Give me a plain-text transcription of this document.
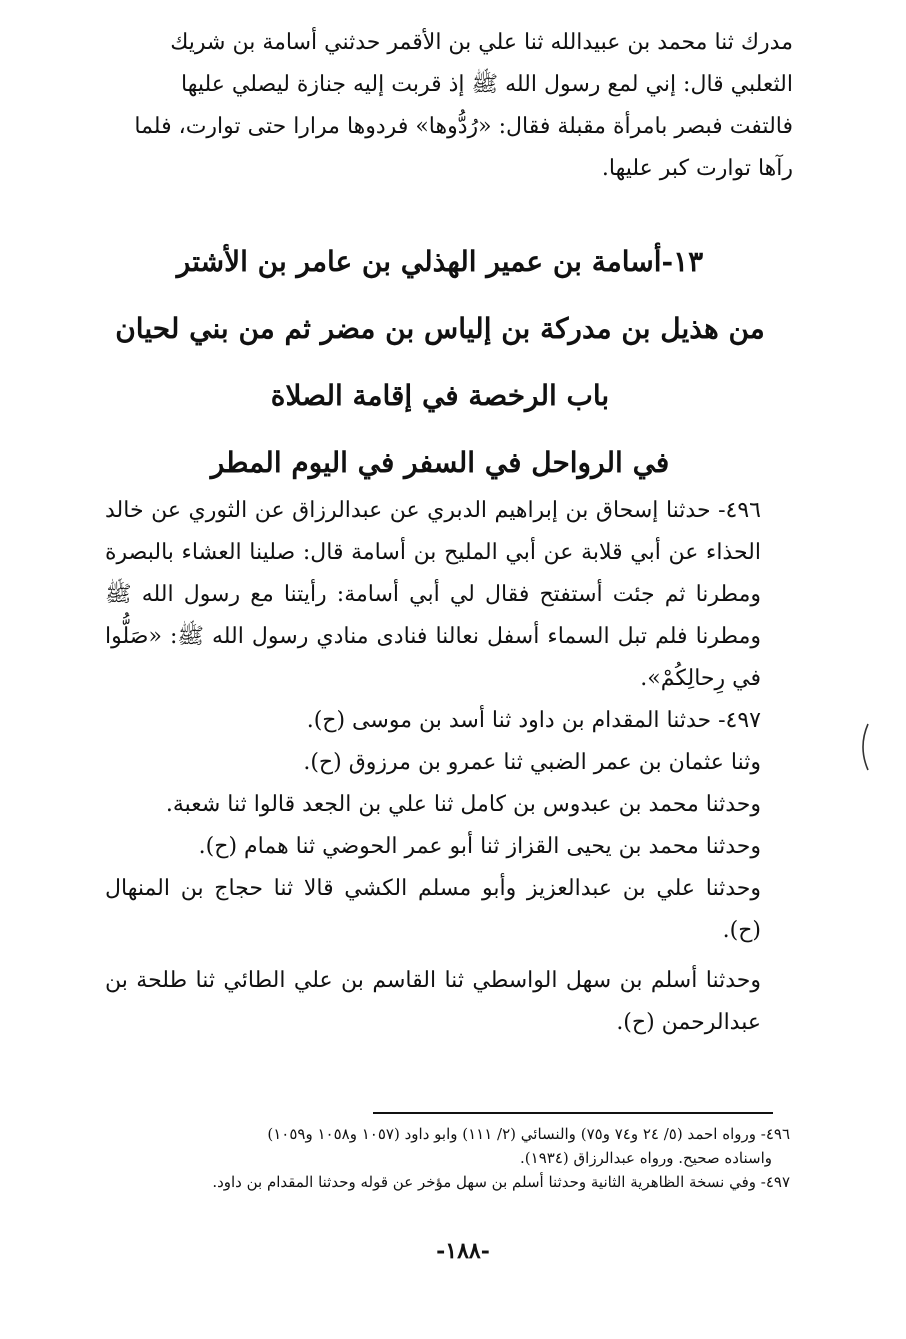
مدرك ثنا محمد بن عبيدالله ثنا علي بن الأقمر حدثني أسامة بن شريك

الثعلبي قال: إني لمع رسول الله ﷺ إذ قربت إليه جنازة ليصلي عليها

فالتفت فبصر بامرأة مقبلة فقال: «رُدُّوها» فردوها مرارا حتى توارت، فلما

رآها توارت كبر عليها.

١٣-أسامة بن عمير الهذلي بن عامر بن الأشتر
من هذيل بن مدركة بن إلياس بن مضر ثم من بني لحيان
باب الرخصة في إقامة الصلاة
في الرواحل في السفر في اليوم المطر

٤٩٦- حدثنا إسحاق بن إبراهيم الدبري عن عبدالرزاق عن الثوري عن خالد الحذاء عن أبي قلابة عن أبي المليح بن أسامة قال: صلينا العشاء بالبصرة ومطرنا ثم جئت أستفتح فقال لي أبي أسامة: رأيتنا مع رسول الله ﷺ ومطرنا فلم تبل السماء أسفل نعالنا فنادى منادي رسول الله ﷺ: «صَلُّوا في رِحالِكُمْ».

٤٩٧- حدثنا المقدام بن داود ثنا أسد بن موسى (ح).

وثنا عثمان بن عمر الضبي ثنا عمرو بن مرزوق (ح).

وحدثنا محمد بن عبدوس بن كامل ثنا علي بن الجعد قالوا ثنا شعبة.

وحدثنا محمد بن يحيى القزاز ثنا أبو عمر الحوضي ثنا همام (ح).

وحدثنا علي بن عبدالعزيز وأبو مسلم الكشي قالا ثنا حجاج بن المنهال (ح).

وحدثنا أسلم بن سهل الواسطي ثنا القاسم بن علي الطائي ثنا طلحة بن عبدالرحمن (ح).

٤٩٦- ورواه احمد (٥/ ٢٤ و٧٤ و٧٥) والنسائي (٢/ ١١١) وابو داود (١٠٥٧ و١٠٥٨ و١٠٥٩)

واسناده صحيح. ورواه عبدالرزاق (١٩٣٤).

٤٩٧- وفي نسخة الظاهرية الثانية وحدثنا أسلم بن سهل مؤخر عن قوله وحدثنا المقدام بن داود.

-١٨٨-
